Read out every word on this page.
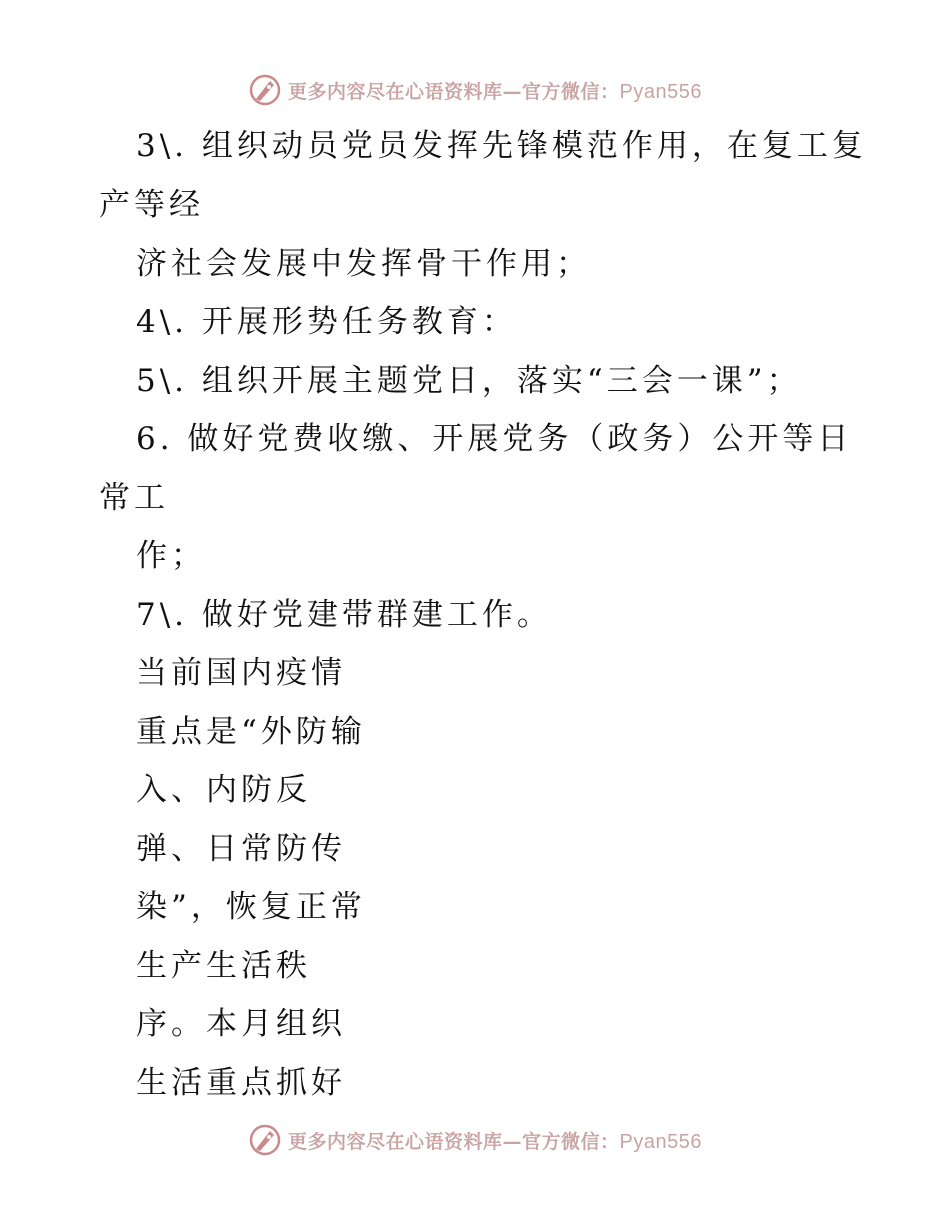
更多内容尽在心语资料库—官方微信：Pyan556
3\. 组织动员党员发挥先锋模范作用，在复工复
产等经
济社会发展中发挥骨干作用；
4\. 开展形势任务教育：
5\. 组织开展主题党日，落实“三会一课”；
6. 做好党费收缴、开展党务（政务）公开等日
常工
作；
7\. 做好党建带群建工作。
当前国内疫情
重点是“外防输
入、内防反
弹、日常防传
染”，恢复正常
生产生活秩
序。本月组织
生活重点抓好
更多内容尽在心语资料库—官方微信：Pyan556
